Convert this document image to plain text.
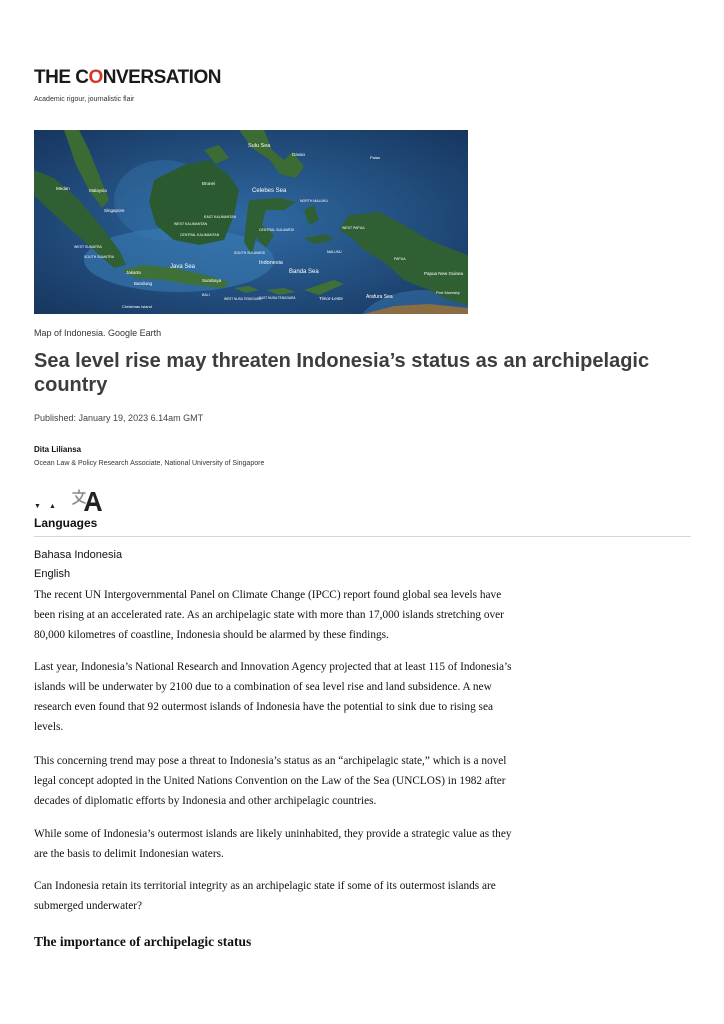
THE CONVERSATION
Academic rigour, journalistic flair
Sulu Sea
Davao
Palau
Celebes Sea
Brunei
Malaysia
Medan
Singapore
WEST KALIMANTAN
CENTRAL KALIMANTAN
EAST KALIMANTAN
WEST SUMATRA
SOUTH SUMATRA
CENTRAL SULAWESI
SOUTH SULAWESI
NORTH MALUKU
MALUKU
WEST PAPUA
PAPUA
Indonesia
Banda Sea
Java Sea
Jakarta
Bandung
Surabaya
BALI
WEST NUSA TENGGARA
EAST NUSA TENGGARA	Timor-Leste	Arafura Sea
Papua New Guinea
Port Moresby
Christmas Island
Map of Indonesia. Google Earth
Sea level rise may threaten Indonesia’s status as an archipelagic country
Published: January 19, 2023 6.14am GMT
Dita Liliansa
Ocean Law & Policy Research Associate, National University of Singapore
▼ ▲
Languages
Bahasa Indonesia
English

The recent UN Intergovernmental Panel on Climate Change (IPCC) report found global sea levels have been rising at an accelerated rate. As an archipelagic state with more than 17,000 islands stretching over 80,000 kilometres of coastline, Indonesia should be alarmed by these findings.

Last year, Indonesia’s National Research and Innovation Agency projected that at least 115 of Indonesia’s islands will be underwater by 2100 due to a combination of sea level rise and land subsidence. A new research even found that 92 outermost islands of Indonesia have the potential to sink due to rising sea levels.

This concerning trend may pose a threat to Indonesia’s status as an “archipelagic state,” which is a novel legal concept adopted in the United Nations Convention on the Law of the Sea (UNCLOS) in 1982 after decades of diplomatic efforts by Indonesia and other archipelagic countries.

While some of Indonesia’s outermost islands are likely uninhabited, they provide a strategic value as they are the basis to delimit Indonesian waters.

Can Indonesia retain its territorial integrity as an archipelagic state if some of its outermost islands are submerged underwater?

The importance of archipelagic status
